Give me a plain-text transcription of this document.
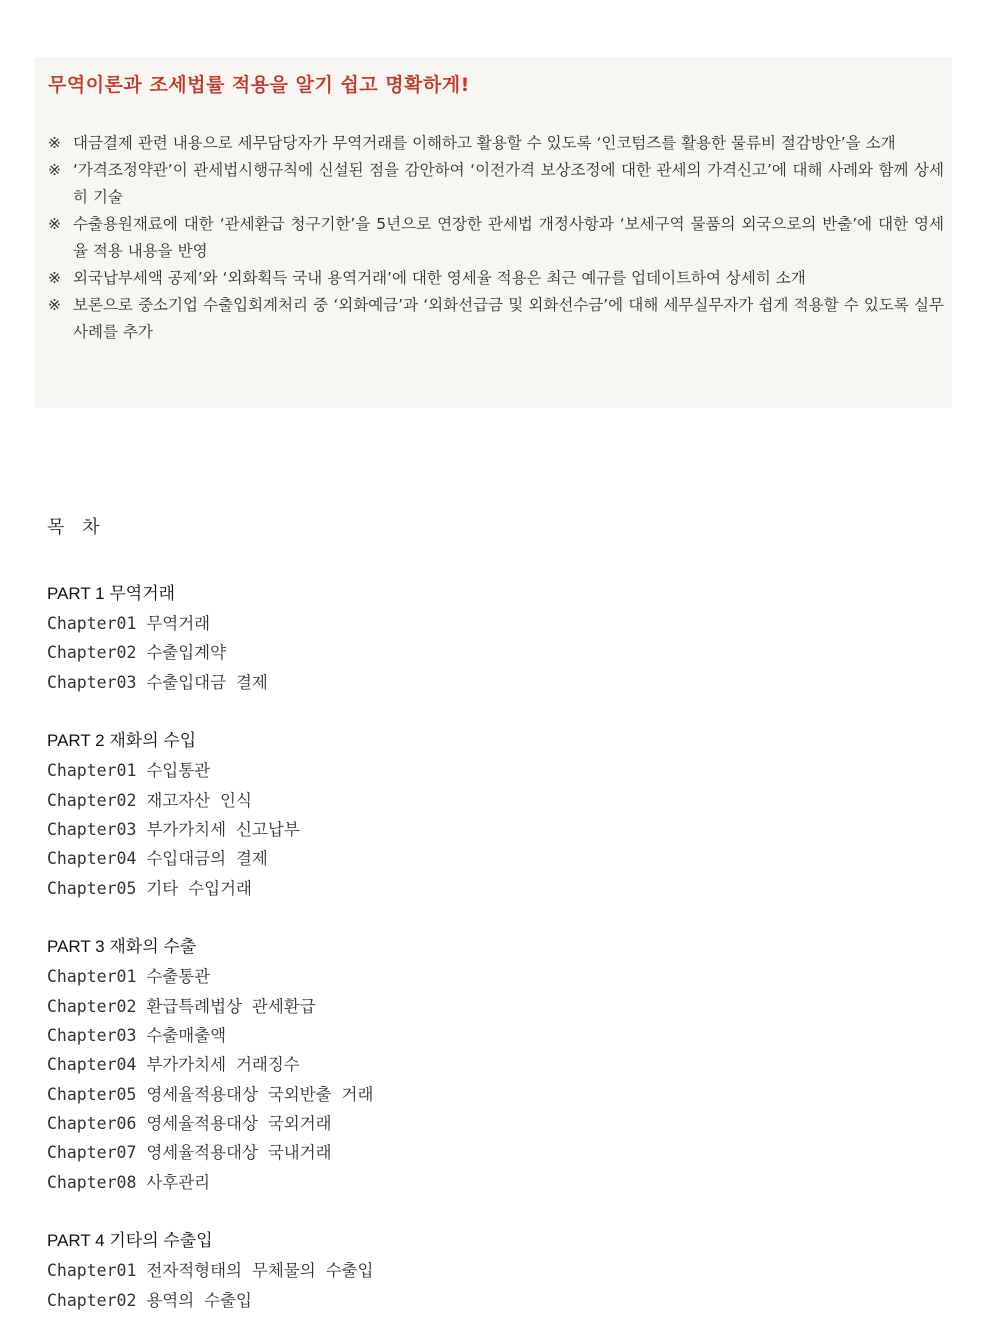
무역이론과 조세법률 적용을 알기 쉽고 명확하게!
※ 대금결제 관련 내용으로 세무담당자가 무역거래를 이해하고 활용할 수 있도록 ‘인코텀즈를 활용한 물류비 절감방안’을 소개
※ ‘가격조정약관’이 관세법시행규칙에 신설된 점을 감안하여 ‘이전가격 보상조정에 대한 관세의 가격신고’에 대해 사례와 함께 상세히 기술
※ 수출용원재료에 대한 ‘관세환급 청구기한’을 5년으로 연장한 관세법 개정사항과 ‘보세구역 물품의 외국으로의 반출’에 대한 영세율 적용 내용을 반영
※ 외국납부세액 공제’와 ‘외화획득 국내 용역거래’에 대한 영세율 적용은 최근 예규를 업데이트하여 상세히 소개
※ 보론으로 중소기업 수출입회계처리 중 ‘외화예금’과 ‘외화선급금 및 외화선수금’에 대해 세무실무자가 쉽게 적용할 수 있도록 실무사례를 추가
목 차
PART 1 무역거래
Chapter01 무역거래
Chapter02 수출입계약
Chapter03 수출입대금 결제
PART 2 재화의 수입
Chapter01 수입통관
Chapter02 재고자산 인식
Chapter03 부가가치세 신고납부
Chapter04 수입대금의 결제
Chapter05 기타 수입거래
PART 3 재화의 수출
Chapter01 수출통관
Chapter02 환급특례법상 관세환급
Chapter03 수출매출액
Chapter04 부가가치세 거래징수
Chapter05 영세율적용대상 국외반출 거래
Chapter06 영세율적용대상 국외거래
Chapter07 영세율적용대상 국내거래
Chapter08 사후관리
PART 4 기타의 수출입
Chapter01 전자적형태의 무체물의 수출입
Chapter02 용역의 수출입
